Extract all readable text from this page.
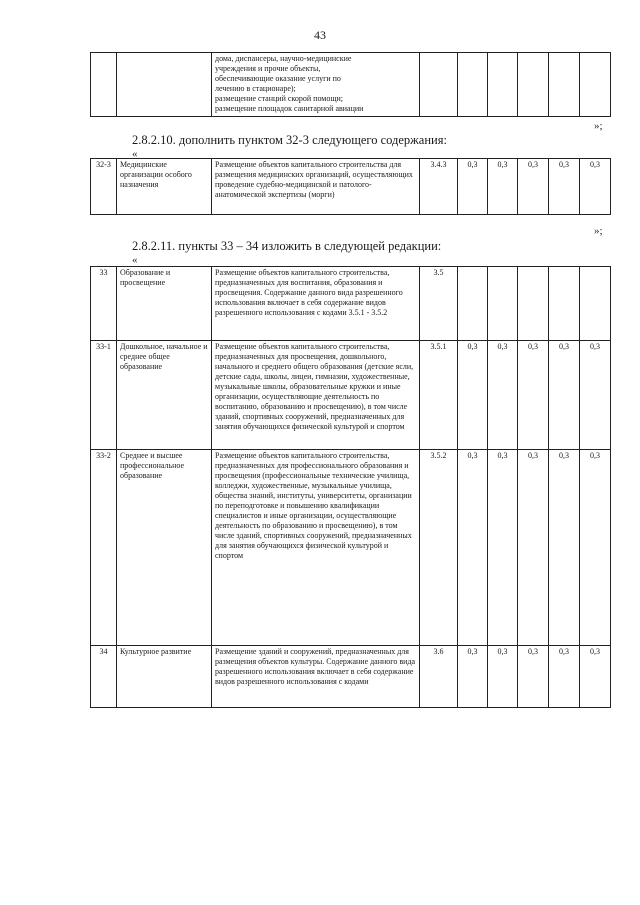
43

дома, диспансеры, научно-медицинские
учреждения и прочие объекты,
обеспечивающие оказание услуги по
лечению в стационаре);
размещение станций скорой помощи;
размещение площадок санитарной авиации

»;
2.8.2.10. дополнить пунктом 32-3 следующего содержания:
«
32-3	Медицинские организации особого назначения	Размещение объектов капитального строительства для размещения медицинских организаций, осуществляющих проведение судебно-медицинской и патолого-анатомической экспертизы (морги)	3.4.3	0,3	0,3	0,3	0,3	0,3
»;
2.8.2.11. пункты 33 – 34 изложить в следующей редакции:
«
33	Образование и просвещение	Размещение объектов капитального строительства, предназначенных для воспитания, образования и просвещения. Содержание данного вида разрешенного использования включает в себя содержание видов разрешенного использования с кодами 3.5.1 - 3.5.2	3.5					
33-1	Дошкольное, начальное и среднее общее образование	Размещение объектов капитального строительства, предназначенных для просвещения, дошкольного, начального и среднего общего образования (детские ясли, детские сады, школы, лицеи, гимназии, художественные, музыкальные школы, образовательные кружки и иные организации, осуществляющие деятельность по воспитанию, образованию и просвещению), в том числе зданий, спортивных сооружений, предназначенных для занятия обучающихся физической культурой и спортом	3.5.1	0,3	0,3	0,3	0,3	0,3
33-2	Среднее и высшее профессиональное образование	Размещение объектов капитального строительства, предназначенных для профессионального образования и просвещения (профессиональные технические училища, колледжи, художественные, музыкальные училища, общества знаний, институты, университеты, организации по переподготовке и повышению квалификации специалистов и иные организации, осуществляющие деятельность по образованию и просвещению), в том числе зданий, спортивных сооружений, предназначенных для занятия обучающихся физической культурой и спортом	3.5.2	0,3	0,3	0,3	0,3	0,3
34	Культурное развитие	Размещение зданий и сооружений, предназначенных для размещения объектов культуры. Содержание данного вида разрешенного использования включает в себя содержание видов разрешенного использования с кодами	3.6	0,3	0,3	0,3	0,3	0,3
